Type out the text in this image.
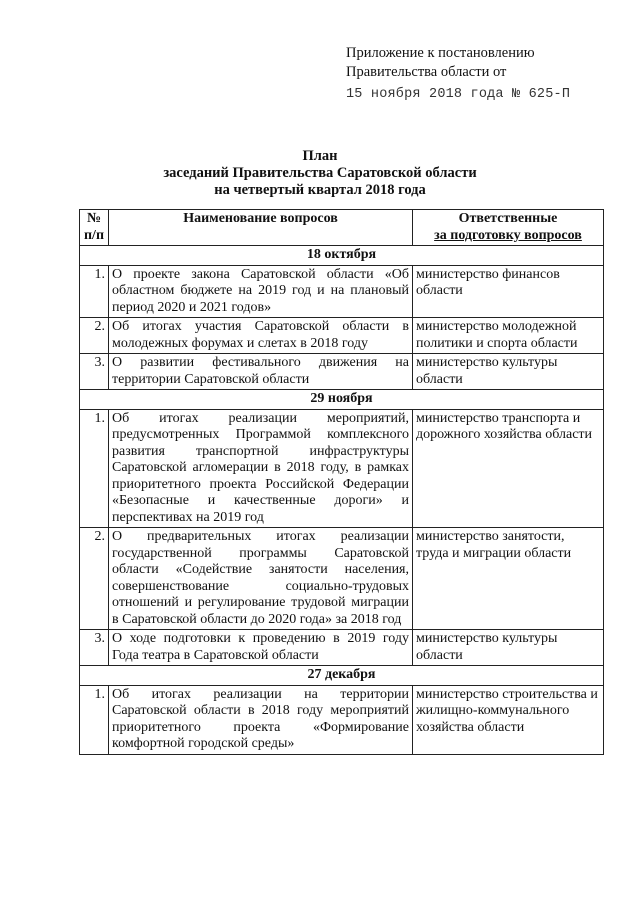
Приложение к постановлению
Правительства области от
15 ноября 2018 года № 625-П
План
заседаний Правительства Саратовской области
на четвертый квартал 2018 года
№ п/п	Наименование вопросов	Ответственные
за подготовку вопросов

18 октября		
1.	О проекте закона Саратовской области «Об областном бюджете на 2019 год и на плановый период 2020 и 2021 годов»	министерство финансов области
2.	Об итогах участия Саратовской области в молодежных форумах и слетах в 2018 году	министерство молодежной политики и спорта области
3.	О развитии фестивального движения на территории Саратовской области	министерство культуры области
29 ноября		
1.	Об итогах реализации мероприятий, предусмотренных Программой комплексного развития транспортной инфраструктуры Саратовской агломерации в 2018 году, в рамках приоритетного проекта Российской Федерации «Безопасные и качественные дороги» и перспективах на 2019 год	министерство транспорта и дорожного хозяйства области
2.	О предварительных итогах реализации государственной программы Саратовской области «Содействие занятости населения, совершенствование социально-трудовых отношений и регулирование трудовой миграции в Саратовской области до 2020 года» за 2018 год	министерство занятости, труда и миграции области
3.	О ходе подготовки к проведению в 2019 году Года театра в Саратовской области	министерство культуры области
27 декабря		
1.	Об итогах реализации на территории Саратовской области в 2018 году мероприятий приоритетного проекта «Формирование комфортной городской среды»	министерство строительства и жилищно-коммунального хозяйства области
